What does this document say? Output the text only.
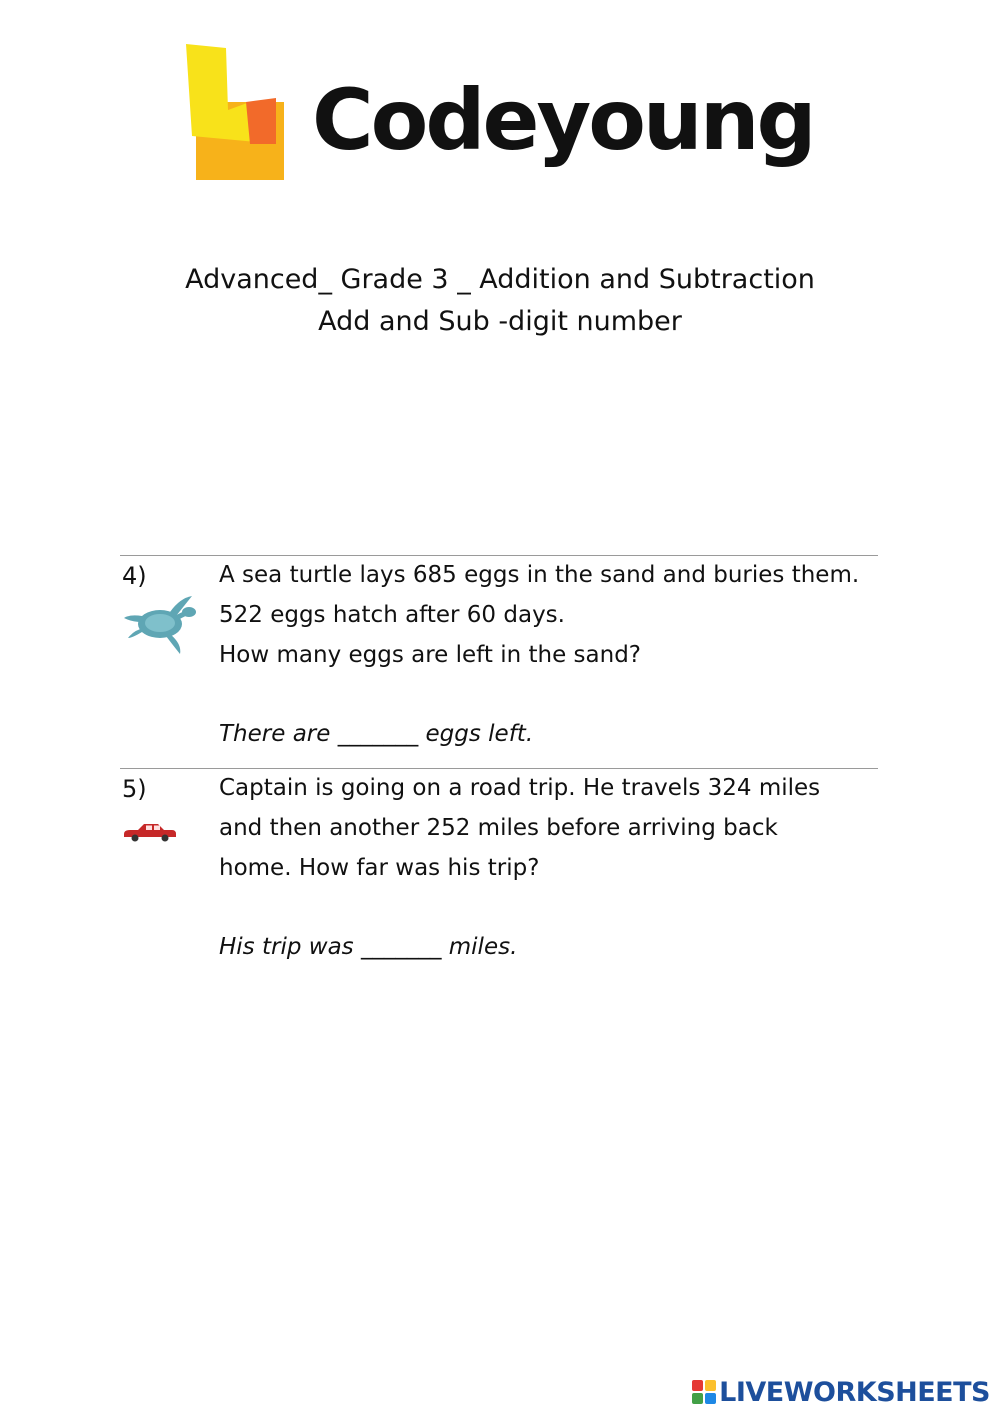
Codeyoung
Advanced_ Grade 3 _ Addition and Subtraction
Add and Sub -digit number
4)	A sea turtle lays 685 eggs in the sand and buries them.
522 eggs hatch after 60 days.
How many eggs are left in the sand?
There are _______ eggs left.
5)	Captain is going on a road trip. He travels 324 miles
and then another 252 miles before arriving back
home. How far was his trip?
His trip was _______ miles.
LIVEWORKSHEETS
